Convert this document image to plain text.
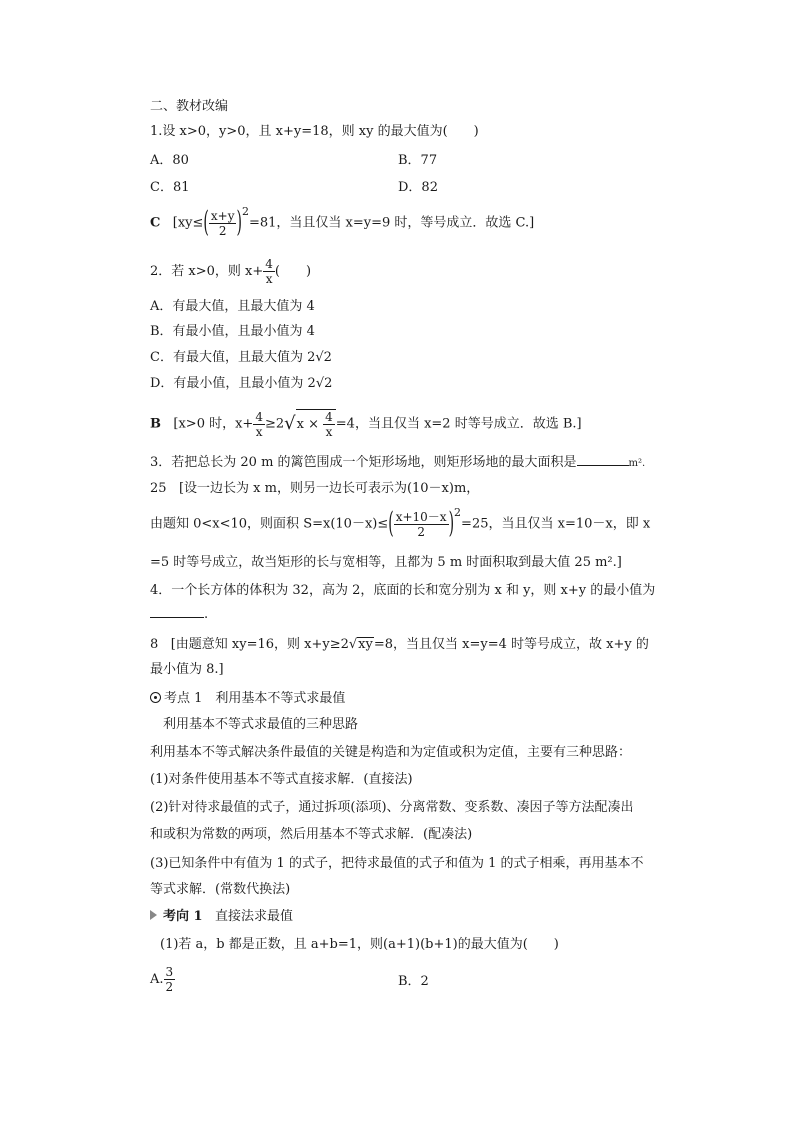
二、教材改编
1.设 x>0，y>0，且 x+y=18，则 xy 的最大值为(　　)
A．80	B．77
C．81	D．82
C [$xy\le( \frac{x+y}{2} )^2=81$，当且仅当 x=y=9 时，等号成立．故选 C.]
2．若 x>0，则 $x+ \frac{4}{x}$ (　　)
A．有最大值，且最大值为 4
B．有最小值，且最小值为 4
C．有最大值，且最大值为 2√2
D．有最小值，且最小值为 2√2
B [x>0 时，$x+ \frac{4}{x} \ge 2√x \times \frac{4}{x} =4$，当且仅当 x=2 时等号成立．故选 B.]
3．若把总长为 20 m 的篱笆围成一个矩形场地，则矩形场地的最大面积是	m².
25 [设一边长为 x m，则另一边长可表示为(10－x)m，
由题知 0<x<10，则面积 $S=x(10-x)\le( \frac{x+10-x}{2} )^2=25$，当且仅当 x=10－x，即 x
=5 时等号成立，故当矩形的长与宽相等，且都为 5 m 时面积取到最大值 25 m².]
4．一个长方体的体积为 32，高为 2，底面的长和宽分别为 x 和 y，则 x+y 的最小值为
.
8 [由题意知 xy=16，则 x+y≥2√xy=8，当且仅当 x=y=4 时等号成立，故 x+y 的
最小值为 8.]
考点 1　利用基本不等式求最值
利用基本不等式求最值的三种思路
利用基本不等式解决条件最值的关键是构造和为定值或积为定值，主要有三种思路：
(1)对条件使用基本不等式直接求解．(直接法)
(2)针对待求最值的式子，通过拆项(添项)、分离常数、变系数、凑因子等方法配凑出
和或积为常数的两项，然后用基本不等式求解．(配凑法)
(3)已知条件中有值为 1 的式子，把待求最值的式子和值为 1 的式子相乘，再用基本不
等式求解．(常数代换法)
考向 1 直接法求最值
(1)若 a，b 都是正数，且 a+b=1，则(a+1)(b+1)的最大值为(　　)
A. $\frac{3}{2}$	B．2
